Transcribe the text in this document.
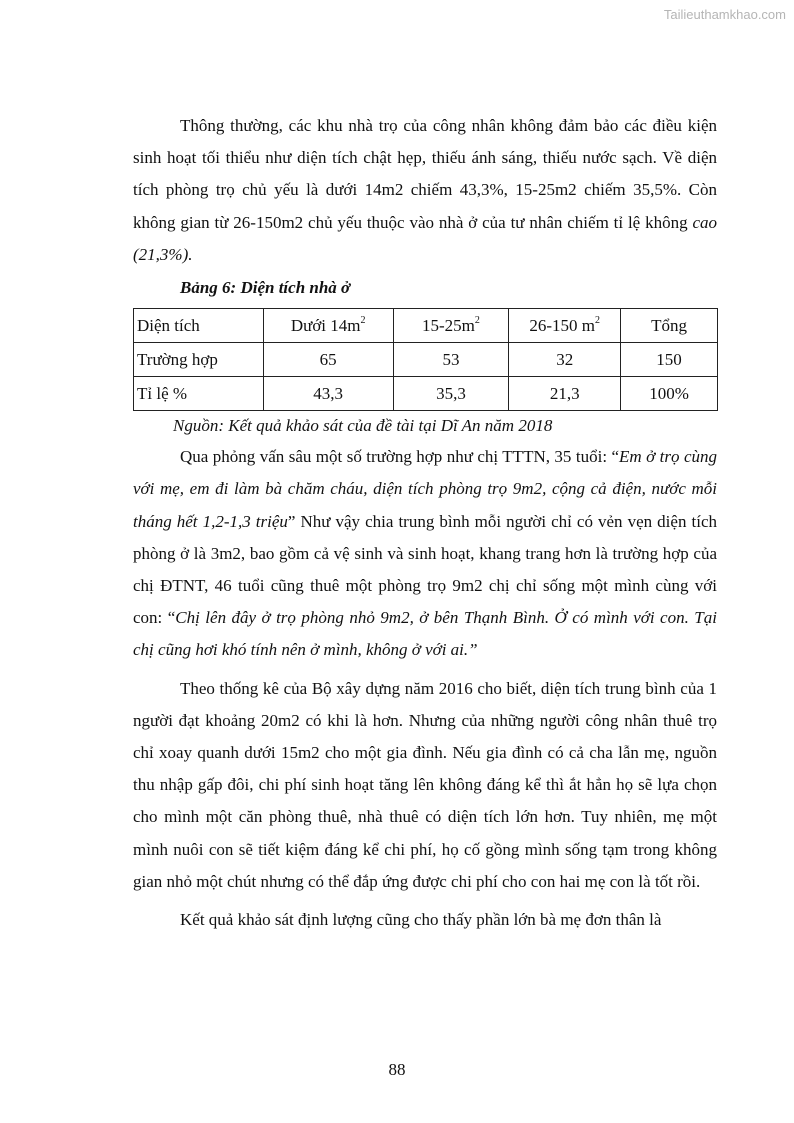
Tailieuthamkhao.com

Thông thường, các khu nhà trọ của công nhân không đảm bảo các điều kiện sinh hoạt tối thiểu như diện tích chật hẹp, thiếu ánh sáng, thiếu nước sạch. Về diện tích phòng trọ chủ yếu là dưới 14m2 chiếm 43,3%, 15-25m2 chiếm 35,5%. Còn không gian từ 26-150m2 chủ yếu thuộc vào nhà ở của tư nhân chiếm tỉ lệ không cao (21,3%).

Bảng 6: Diện tích nhà ở

Diện tích	Dưới $14m^2$	$15-25m^2$	26-150 $m^2$	Tổng
Trường hợp	65	53	32	150
Tỉ lệ %	43,3	35,3	21,3	100%

Nguồn: Kết quả khảo sát của đề tài tại Dĩ An năm 2018

Qua phỏng vấn sâu một số trường hợp như chị TTTN, 35 tuổi: “Em ở trọ cùng với mẹ, em đi làm bà chăm cháu, diện tích phòng trọ 9m2, cộng cả điện, nước mỗi tháng hết 1,2-1,3 triệu” Như vậy chia trung bình mỗi người chỉ có vẻn vẹn diện tích phòng ở là 3m2, bao gồm cả vệ sinh và sinh hoạt, khang trang hơn là trường hợp của chị ĐTNT, 46 tuổi cũng thuê một phòng trọ 9m2 chị chỉ sống một mình cùng với con: “Chị lên đây ở trọ phòng nhỏ 9m2, ở bên Thạnh Bình. Ở có mình với con. Tại chị cũng hơi khó tính nên ở mình, không ở với ai.”

Theo thống kê của Bộ xây dựng năm 2016 cho biết, diện tích trung bình của 1 người đạt khoảng 20m2 có khi là hơn. Nhưng của những người công nhân thuê trọ chỉ xoay quanh dưới 15m2 cho một gia đình. Nếu gia đình có cả cha lẫn mẹ, nguồn thu nhập gấp đôi, chi phí sinh hoạt tăng lên không đáng kể thì ắt hẳn họ sẽ lựa chọn cho mình một căn phòng thuê, nhà thuê có diện tích lớn hơn. Tuy nhiên, mẹ một mình nuôi con sẽ tiết kiệm đáng kể chi phí, họ cố gồng mình sống tạm trong không gian nhỏ một chút nhưng có thể đắp ứng được chi phí cho con hai mẹ con là tốt rồi.

Kết quả khảo sát định lượng cũng cho thấy phần lớn bà mẹ đơn thân là

88
